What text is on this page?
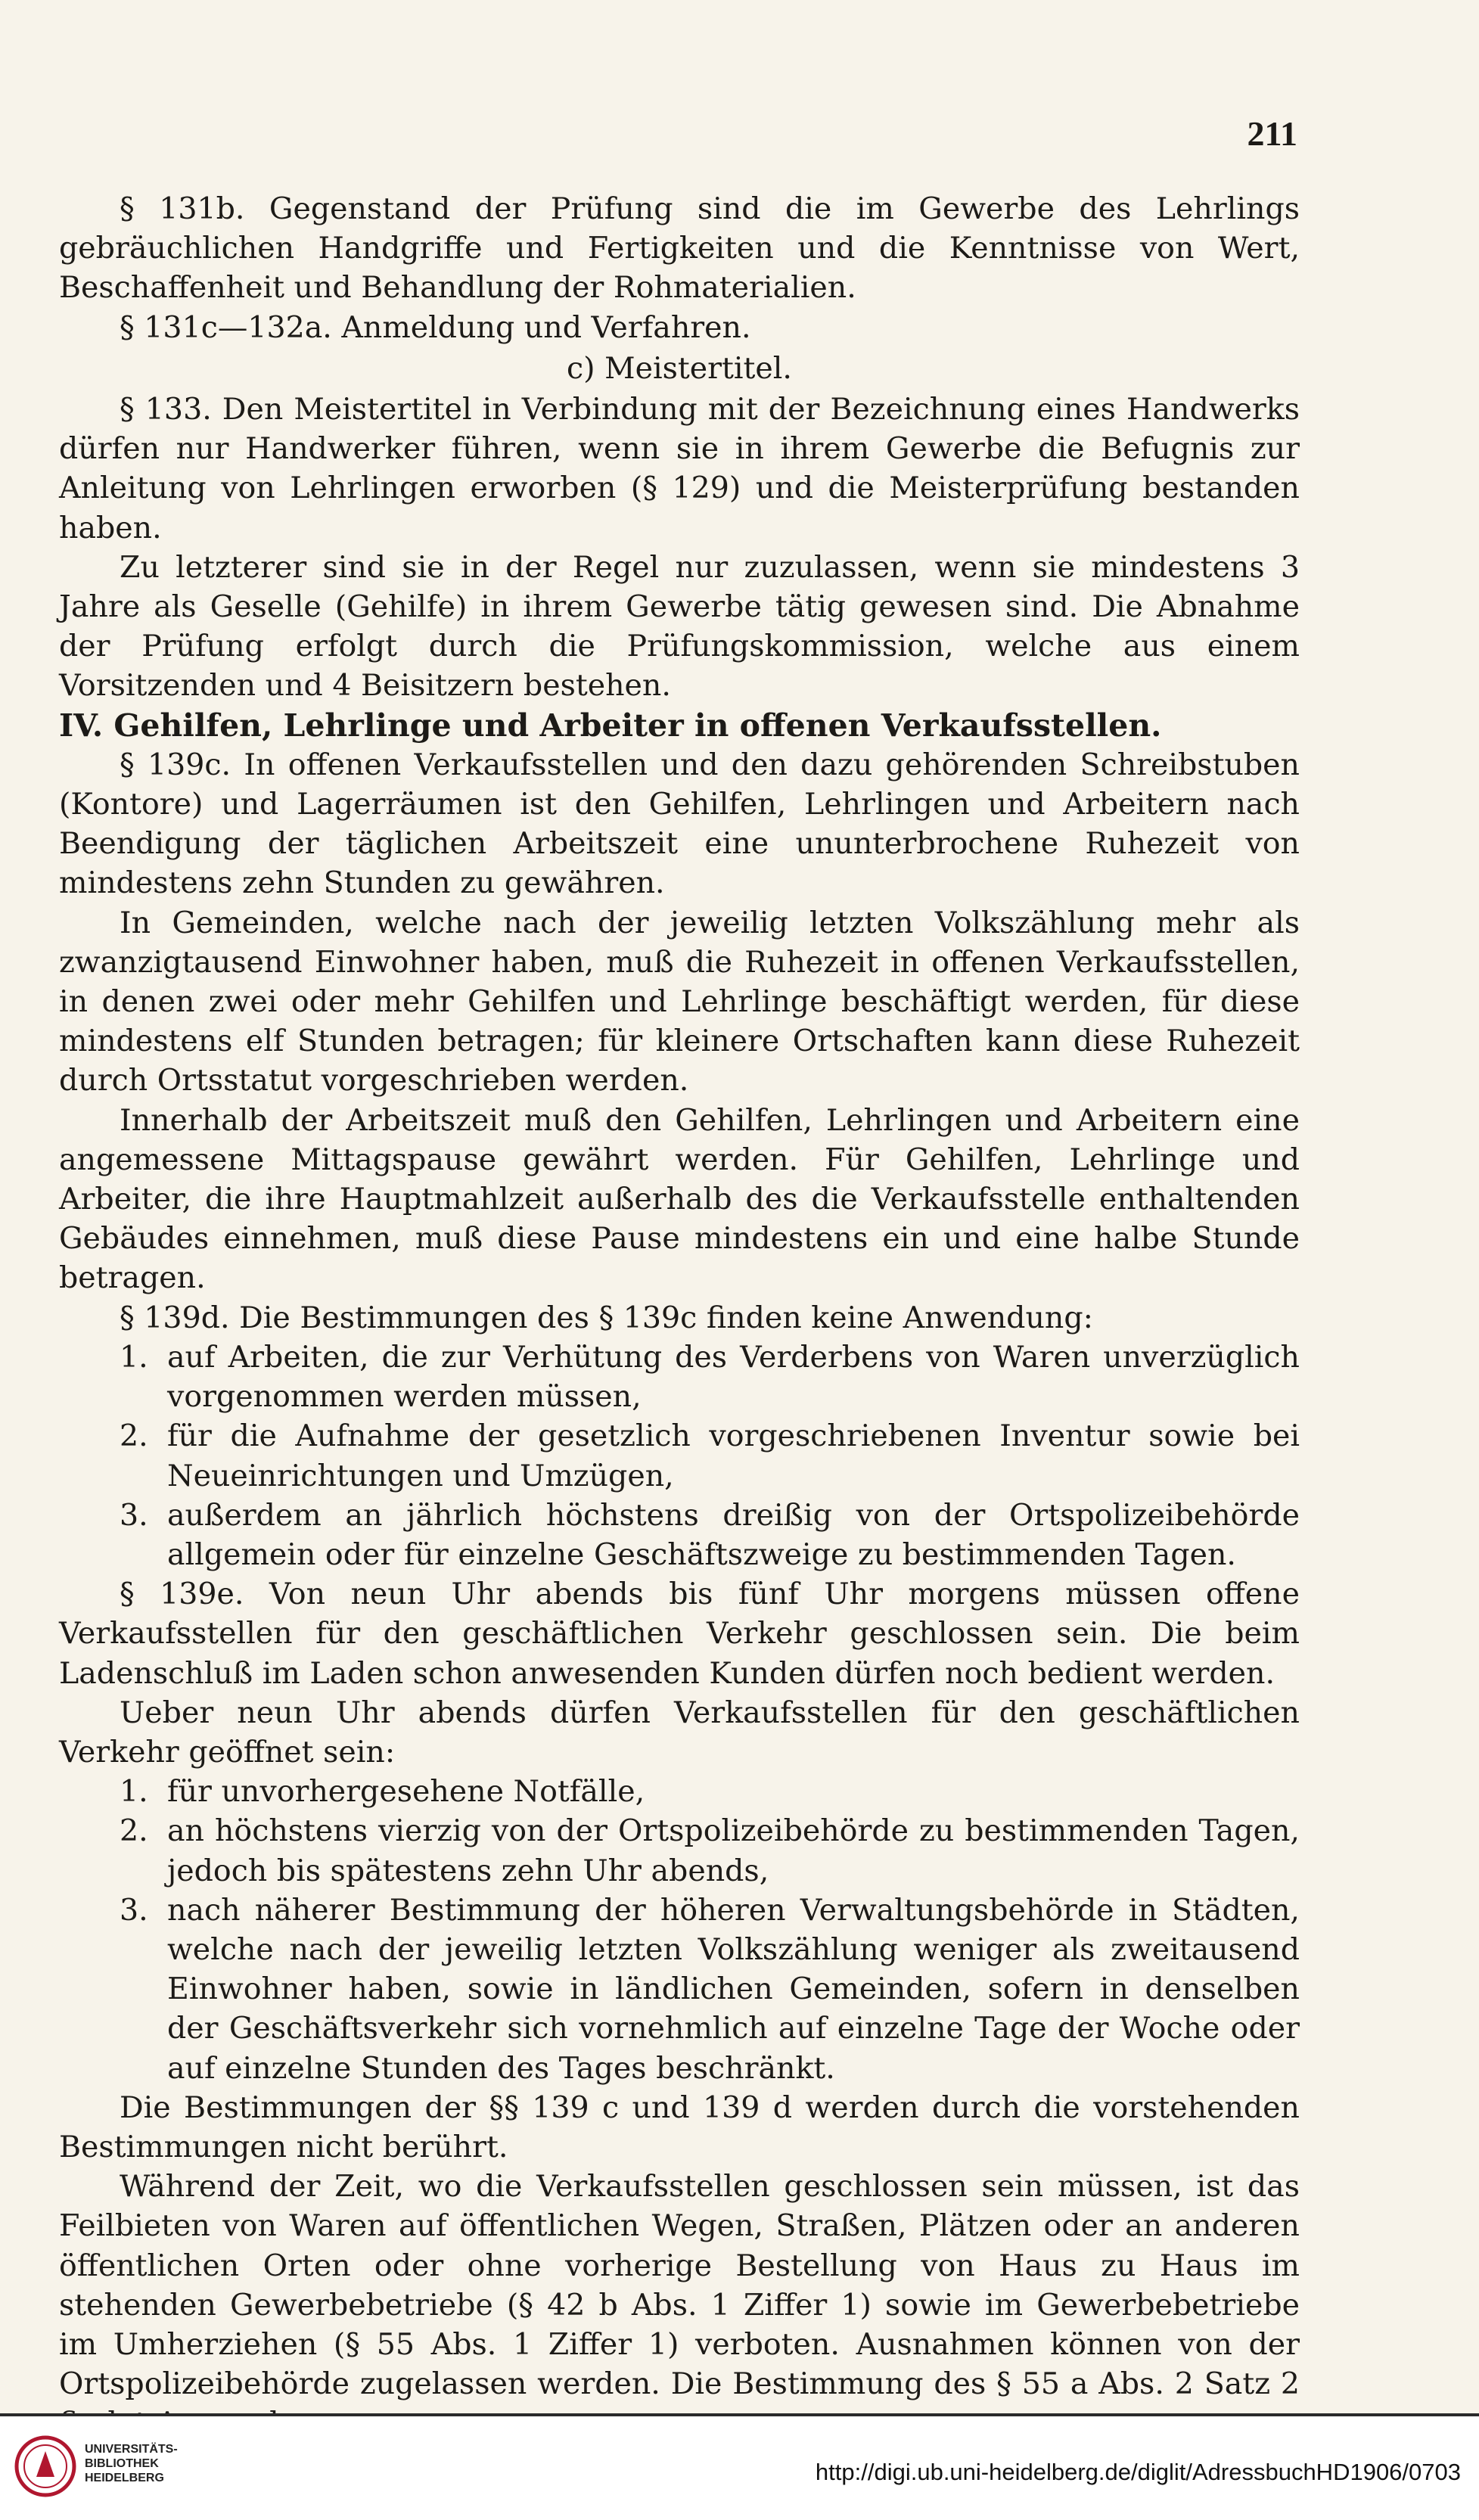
211

§ 131b. Gegenstand der Prüfung sind die im Gewerbe des Lehrlings gebräuchlichen Handgriffe und Fertigkeiten und die Kenntnisse von Wert, Beschaffenheit und Behandlung der Rohmaterialien.

§ 131c—132a. Anmeldung und Verfahren.

c) Meistertitel.

§ 133. Den Meistertitel in Verbindung mit der Bezeichnung eines Handwerks dürfen nur Handwerker führen, wenn sie in ihrem Gewerbe die Befugnis zur Anleitung von Lehrlingen erworben (§ 129) und die Meisterprüfung bestanden haben.

Zu letzterer sind sie in der Regel nur zuzulassen, wenn sie mindestens 3 Jahre als Geselle (Gehilfe) in ihrem Gewerbe tätig gewesen sind. Die Abnahme der Prüfung erfolgt durch die Prüfungskommission, welche aus einem Vorsitzenden und 4 Beisitzern bestehen.

IV. Gehilfen, Lehrlinge und Arbeiter in offenen Verkaufsstellen.

§ 139c. In offenen Verkaufsstellen und den dazu gehörenden Schreibstuben (Kontore) und Lagerräumen ist den Gehilfen, Lehrlingen und Arbeitern nach Beendigung der täglichen Arbeitszeit eine ununterbrochene Ruhezeit von mindestens zehn Stunden zu gewähren.

In Gemeinden, welche nach der jeweilig letzten Volkszählung mehr als zwanzigtausend Einwohner haben, muß die Ruhezeit in offenen Verkaufsstellen, in denen zwei oder mehr Gehilfen und Lehrlinge beschäftigt werden, für diese mindestens elf Stunden betragen; für kleinere Ortschaften kann diese Ruhezeit durch Ortsstatut vorgeschrieben werden.

Innerhalb der Arbeitszeit muß den Gehilfen, Lehrlingen und Arbeitern eine angemessene Mittagspause gewährt werden. Für Gehilfen, Lehrlinge und Arbeiter, die ihre Hauptmahlzeit außerhalb des die Verkaufsstelle enthaltenden Gebäudes einnehmen, muß diese Pause mindestens ein und eine halbe Stunde betragen.

§ 139d. Die Bestimmungen des § 139c finden keine Anwendung:

1. auf Arbeiten, die zur Verhütung des Verderbens von Waren unverzüglich vorgenommen werden müssen,
2. für die Aufnahme der gesetzlich vorgeschriebenen Inventur sowie bei Neueinrichtungen und Umzügen,
3. außerdem an jährlich höchstens dreißig von der Ortspolizeibehörde allgemein oder für einzelne Geschäftszweige zu bestimmenden Tagen.

§ 139e. Von neun Uhr abends bis fünf Uhr morgens müssen offene Verkaufsstellen für den geschäftlichen Verkehr geschlossen sein. Die beim Ladenschluß im Laden schon anwesenden Kunden dürfen noch bedient werden.

Ueber neun Uhr abends dürfen Verkaufsstellen für den geschäftlichen Verkehr geöffnet sein:

1. für unvorhergesehene Notfälle,
2. an höchstens vierzig von der Ortspolizeibehörde zu bestimmenden Tagen, jedoch bis spätestens zehn Uhr abends,
3. nach näherer Bestimmung der höheren Verwaltungsbehörde in Städten, welche nach der jeweilig letzten Volkszählung weniger als zweitausend Einwohner haben, sowie in ländlichen Gemeinden, sofern in denselben der Geschäftsverkehr sich vornehmlich auf einzelne Tage der Woche oder auf einzelne Stunden des Tages beschränkt.

Die Bestimmungen der §§ 139 c und 139 d werden durch die vorstehenden Bestimmungen nicht berührt.

Während der Zeit, wo die Verkaufsstellen geschlossen sein müssen, ist das Feilbieten von Waren auf öffentlichen Wegen, Straßen, Plätzen oder an anderen öffentlichen Orten oder ohne vorherige Bestellung von Haus zu Haus im stehenden Gewerbebetriebe (§ 42 b Abs. 1 Ziffer 1) sowie im Gewerbebetriebe im Umherziehen (§ 55 Abs. 1 Ziffer 1) verboten. Ausnahmen können von der Ortspolizeibehörde zugelassen werden. Die Bestimmung des § 55 a Abs. 2 Satz 2

UNIVERSITÄTS-
BIBLIOTHEK
HEIDELBERG	http://digi.ub.uni-heidelberg.de/diglit/AdressbuchHD1906/0703
